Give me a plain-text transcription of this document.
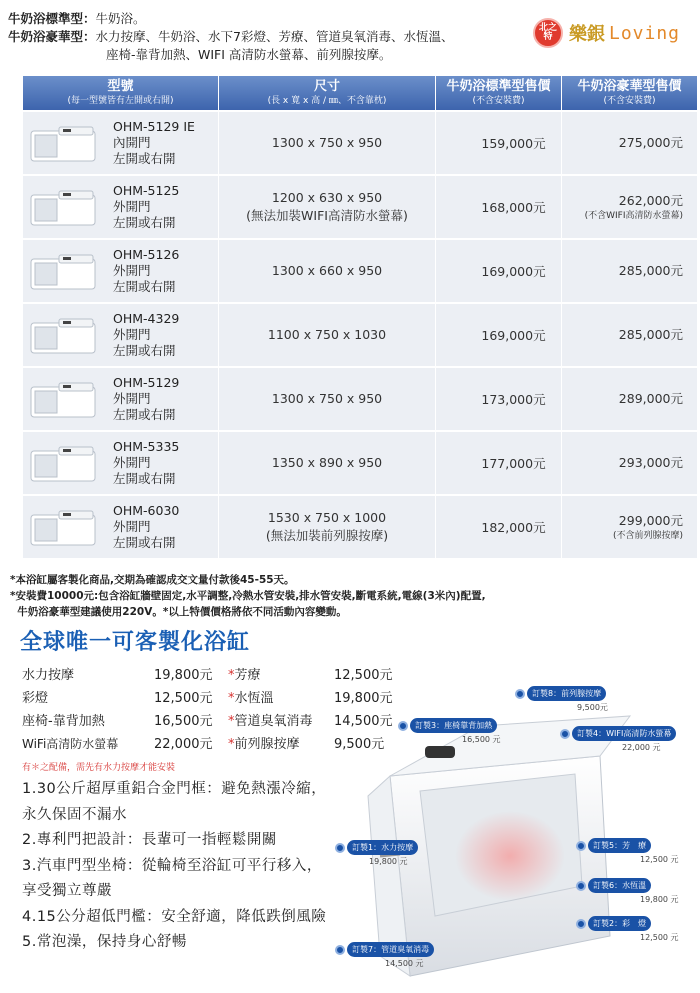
牛奶浴標準型： 牛奶浴。
牛奶浴豪華型： 水力按摩、牛奶浴、水下7彩燈、芳療、管道臭氧消毒、水恆溫、
座椅-靠背加熱、WIFI 高清防水螢幕、前列腺按摩。
北之特 樂銀 Loving
型號
(每一型號皆有左開或右開)
尺寸
(長 x 寬 x 高 / ㎜、不含靠枕)
牛奶浴標準型售價
(不含安裝費)
牛奶浴豪華型售價
(不含安裝費)
OHM-5129 IE
內開門
左開或右開
1300 x 750 x 950	159,000元	275,000元
OHM-5125
外開門
左開或右開
1200 x 630 x 950
(無法加裝WIFI高清防水螢幕)
168,000元	262,000元
(不含WIFI高清防水螢幕)
OHM-5126
外開門
左開或右開
1300 x 660 x 950	169,000元	285,000元
OHM-4329
外開門
左開或右開
1100 x 750 x 1030	169,000元	285,000元
OHM-5129
外開門
左開或右開
1300 x 750 x 950	173,000元	289,000元
OHM-5335
外開門
左開或右開
1350 x 890 x 950	177,000元	293,000元
OHM-6030
外開門
左開或右開
1530 x 750 x 1000
(無法加裝前列腺按摩)
182,000元	299,000元
(不含前列腺按摩)
*本浴缸屬客製化商品,交期為確認成交文量付款後45-55天。
*安裝費10000元:包含浴缸牆壁固定,水平調整,冷熱水管安裝,排水管安裝,斷電系統,電線(3米內)配置,
牛奶浴豪華型建議使用220V。*以上特價價格將依不同活動內容變動。
全球唯一可客製化浴缸
水力按摩	19,800元	*芳療	12,500元
彩燈	12,500元	*水恆溫	19,800元
座椅-靠背加熱	16,500元	*管道臭氧消毒	14,500元
WiFi高清防水螢幕	22,000元	*前列腺按摩	9,500元
有＊之配備，需先有水力按摩才能安裝
1.30公斤超厚重鋁合金門框：避免熱漲冷縮，
永久保固不漏水
2.專利門把設計：長輩可一指輕鬆開關
3.汽車門型坐椅：從輪椅至浴缸可平行移入，
享受獨立尊嚴
4.15公分超低門檻：安全舒適，降低跌倒風險
5.常泡澡，保持身心舒暢
訂製8：前列腺按摩
9,500元
訂製3：座椅靠背加熱
16,500 元
訂製4：WIFI高清防水螢幕
22,000 元
訂製1：水力按摩
19,800 元
訂製5：芳　療
12,500 元
訂製6：水恆溫
19,800 元
訂製2：彩　燈
12,500 元
訂製7：管道臭氧消毒
14,500 元
